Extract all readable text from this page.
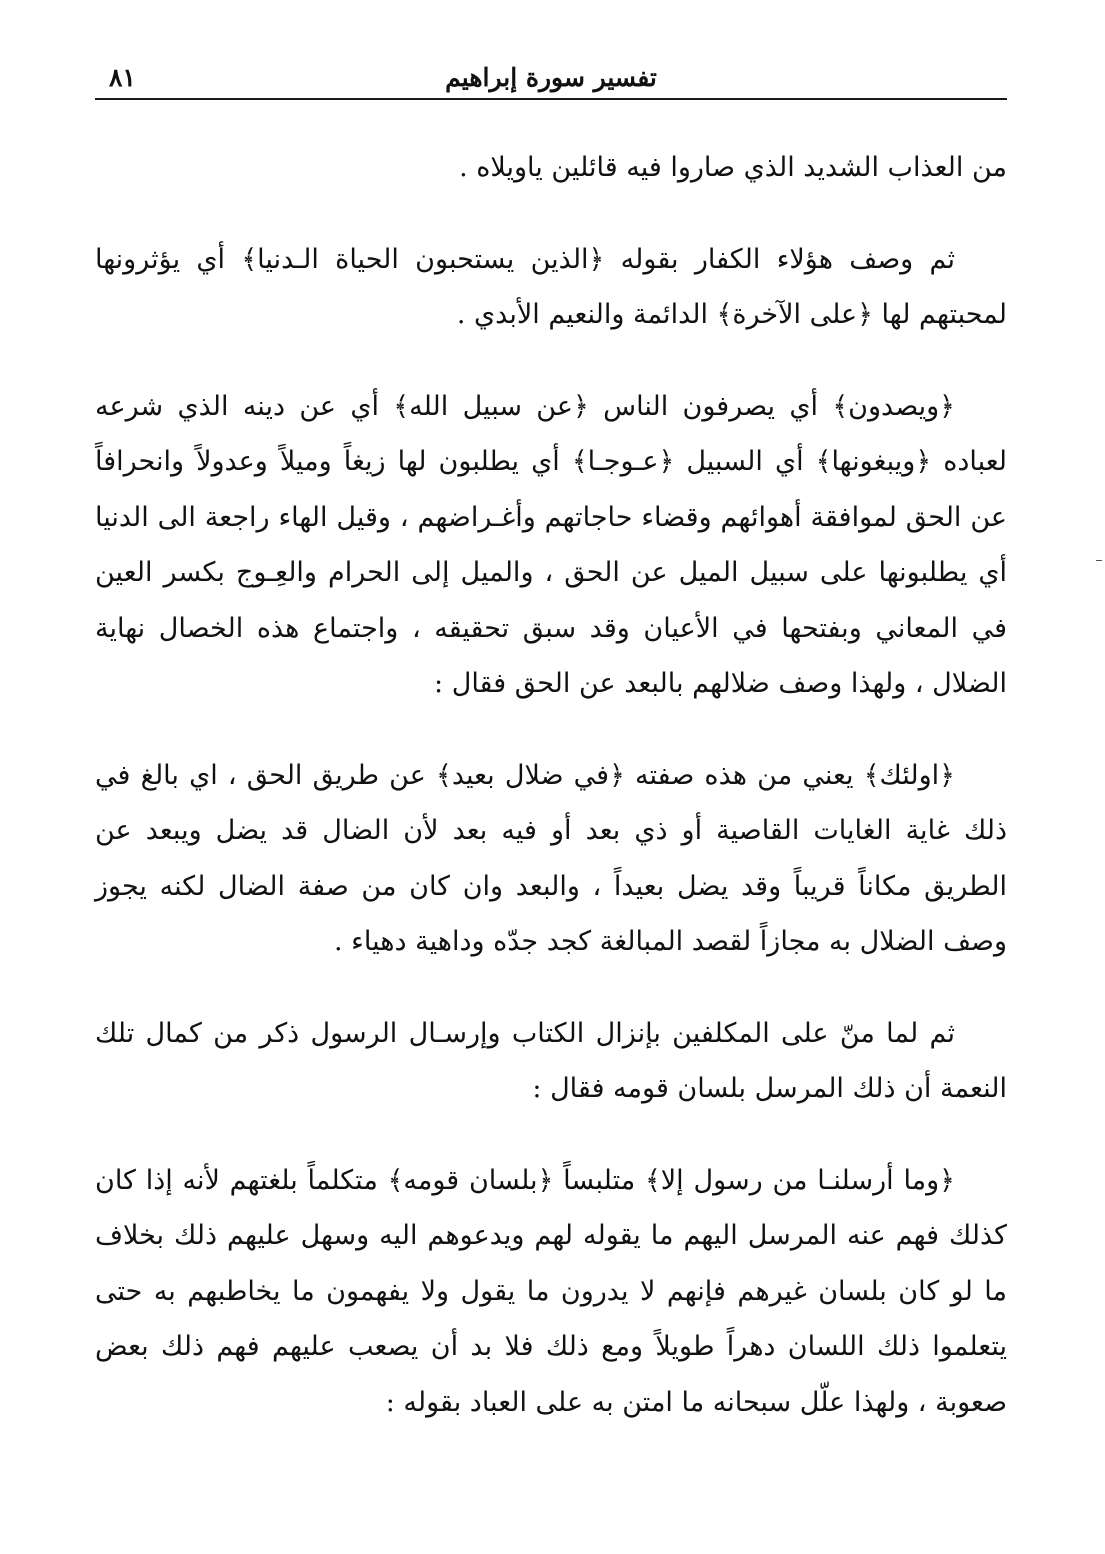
تفسير سورة إبراهيم
٨١

من العذاب الشديد الذي صاروا فيه قائلين ياويلاه .

ثم وصف هؤلاء الكفار بقوله ﴿الذين يستحبون الحياة الـدنيا﴾ أي يؤثرونها لمحبتهم لها ﴿على الآخرة﴾ الدائمة والنعيم الأبدي .

﴿ويصدون﴾ أي يصرفون الناس ﴿عن سبيل الله﴾ أي عن دينه الذي شرعه لعباده ﴿ويبغونها﴾ أي السبيل ﴿عـوجـا﴾ أي يطلبون لها زيغاً وميلاً وعدولاً وانحرافاً عن الحق لموافقة أهوائهم وقضاء حاجاتهم وأغـراضهم ، وقيل الهاء راجعة الى الدنيا أي يطلبونها على سبيل الميل عن الحق ، والميل إلى الحرام والعِـوج بكسر العين في المعاني وبفتحها في الأعيان وقد سبق تحقيقه ، واجتماع هذه الخصال نهاية الضلال ، ولهذا وصف ضلالهم بالبعد عن الحق فقال :

﴿اولئك﴾ يعني من هذه صفته ﴿في ضلال بعيد﴾ عن طريق الحق ، اي بالغ في ذلك غاية الغايات القاصية أو ذي بعد أو فيه بعد لأن الضال قد يضل ويبعد عن الطريق مكاناً قريباً وقد يضل بعيداً ، والبعد وان كان من صفة الضال لكنه يجوز وصف الضلال به مجازاً لقصد المبالغة كجد جدّه وداهية دهياء .

ثم لما منّ على المكلفين بإنزال الكتاب وإرسـال الرسول ذكر من كمال تلك النعمة أن ذلك المرسل بلسان قومه فقال :

﴿وما أرسلنـا من رسول إلا﴾ متلبساً ﴿بلسان قومه﴾ متكلماً بلغتهم لأنه إذا كان كذلك فهم عنه المرسل اليهم ما يقوله لهم ويدعوهم اليه وسهل عليهم ذلك بخلاف ما لو كان بلسان غيرهم فإنهم لا يدرون ما يقول ولا يفهمون ما يخاطبهم به حتى يتعلموا ذلك اللسان دهراً طويلاً ومع ذلك فلا بد أن يصعب عليهم فهم ذلك بعض صعوبة ، ولهذا علّل سبحانه ما امتن به على العباد بقوله :
